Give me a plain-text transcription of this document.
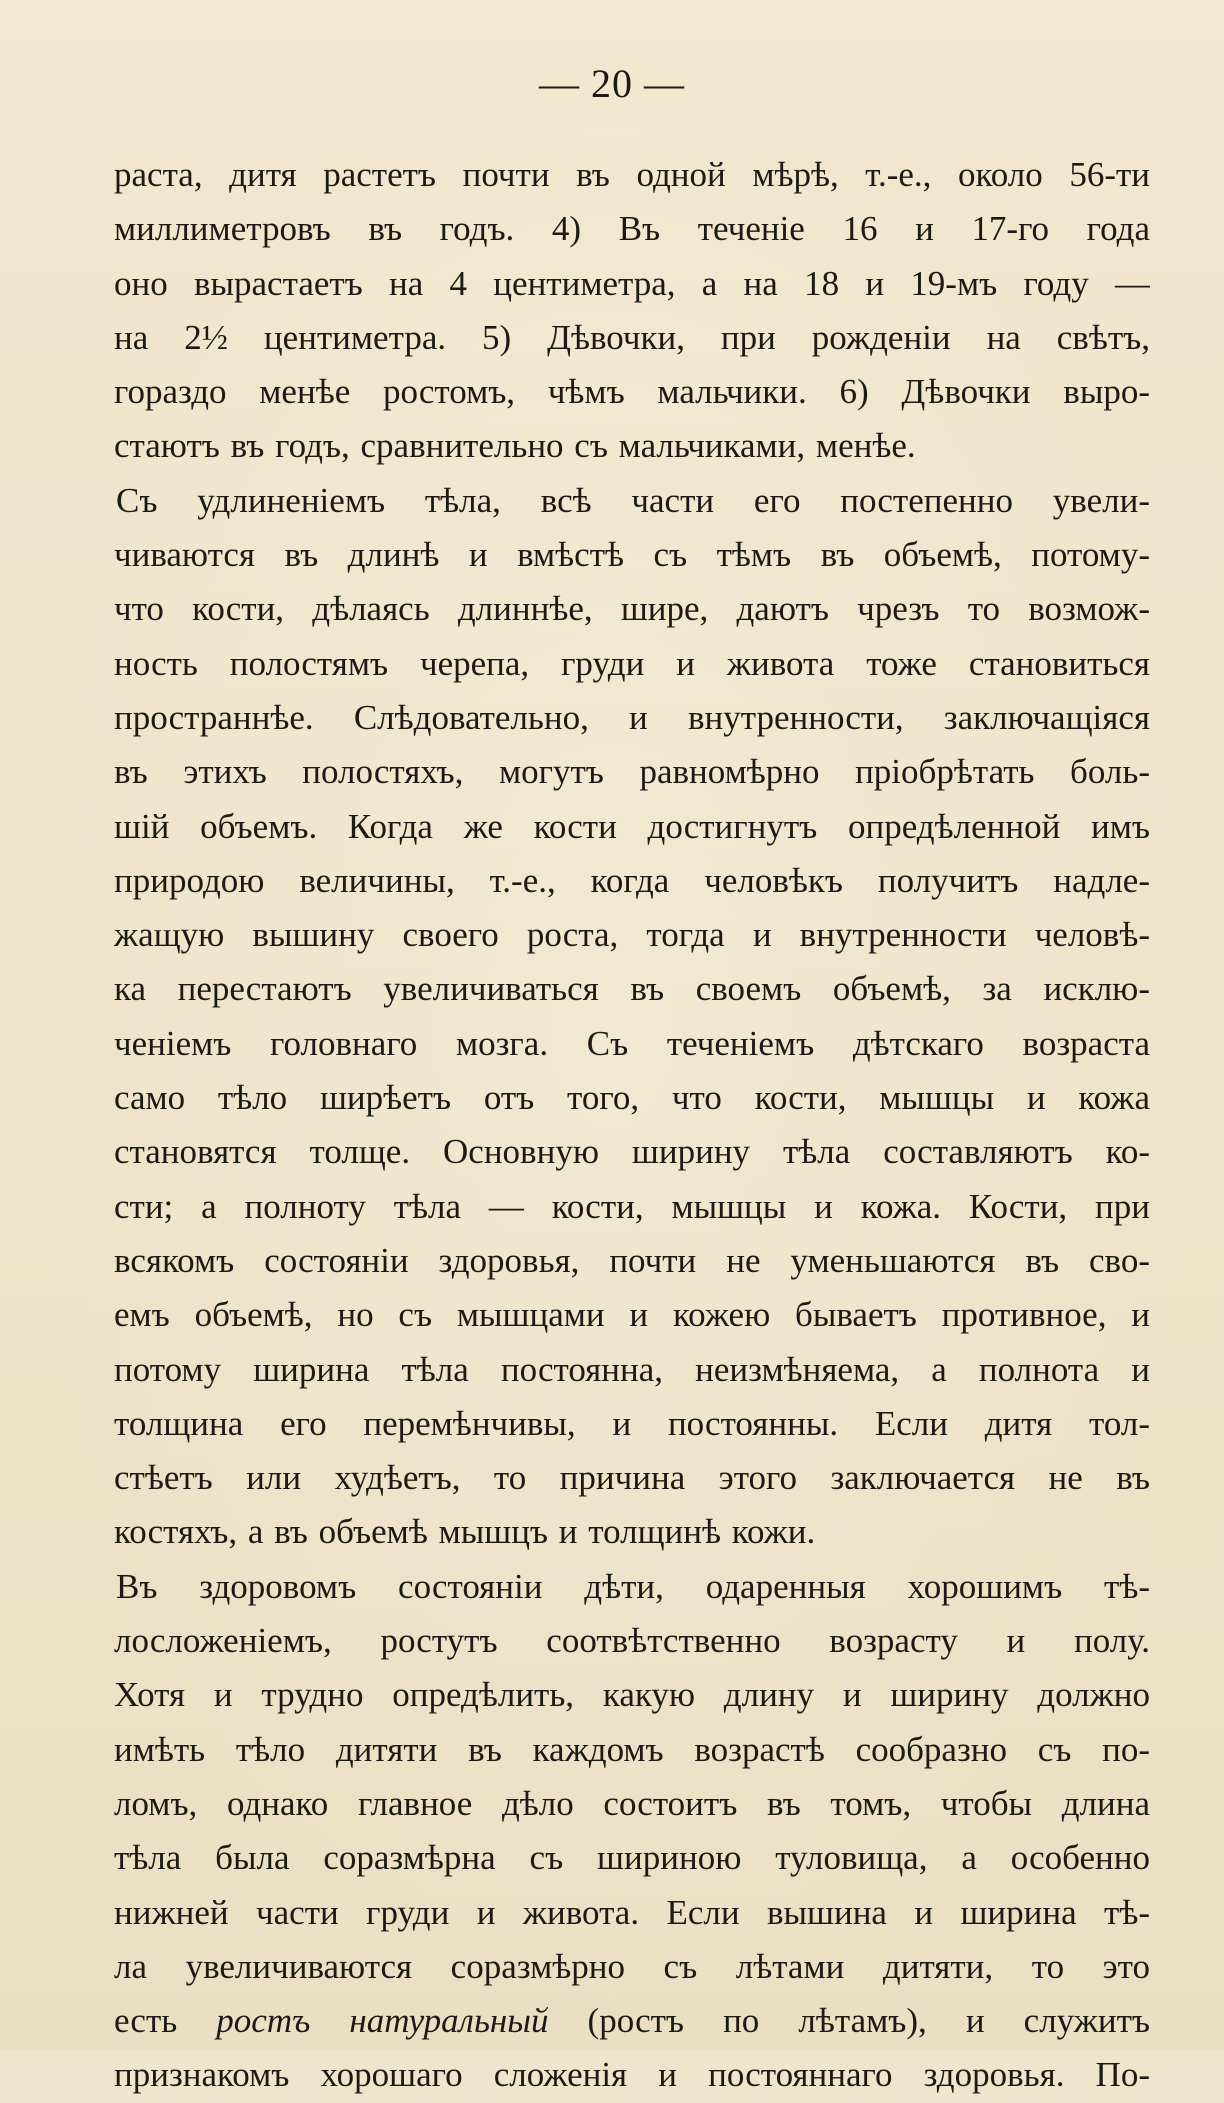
— 20 —
раста, дитя растетъ почти въ одной мѣрѣ, т.-е., около 56-ти
миллиметровъ въ годъ. 4) Въ теченіе 16 и 17-го года
оно вырастаетъ на 4 центиметра, а на 18 и 19-мъ году —
на 2½ центиметра. 5) Дѣвочки, при рожденіи на свѣтъ,
гораздо менѣе ростомъ, чѣмъ мальчики. 6) Дѣвочки выро-
стаютъ въ годъ, сравнительно съ мальчиками, менѣе.
Съ удлиненіемъ тѣла, всѣ части его постепенно увели-
чиваются въ длинѣ и вмѣстѣ съ тѣмъ въ объемѣ, потому-
что кости, дѣлаясь длиннѣе, шире, даютъ чрезъ то возмож-
ность полостямъ черепа, груди и живота тоже становиться
пространнѣе. Слѣдовательно, и внутренности, заключащіяся
въ этихъ полостяхъ, могутъ равномѣрно пріобрѣтать боль-
шій объемъ. Когда же кости достигнутъ опредѣленной имъ
природою величины, т.-е., когда человѣкъ получитъ надле-
жащую вышину своего роста, тогда и внутренности человѣ-
ка перестаютъ увеличиваться въ своемъ объемѣ, за исклю-
ченіемъ головнаго мозга. Съ теченіемъ дѣтскаго возраста
само тѣло ширѣетъ отъ того, что кости, мышцы и кожа
становятся толще. Основную ширину тѣла составляютъ ко-
сти; а полноту тѣла — кости, мышцы и кожа. Кости, при
всякомъ состояніи здоровья, почти не уменьшаются въ сво-
емъ объемѣ, но съ мышцами и кожею бываетъ противное, и
потому ширина тѣла постоянна, неизмѣняема, а полнота и
толщина его перемѣнчивы, и постоянны. Если дитя тол-
стѣетъ или худѣетъ, то причина этого заключается не въ
костяхъ, а въ объемѣ мышцъ и толщинѣ кожи.
Въ здоровомъ состояніи дѣти, одаренныя хорошимъ тѣ-
лосложеніемъ, ростутъ соотвѣтственно возрасту и полу.
Хотя и трудно опредѣлить, какую длину и ширину должно
имѣть тѣло дитяти въ каждомъ возрастѣ сообразно съ по-
ломъ, однако главное дѣло состоитъ въ томъ, чтобы длина
тѣла была соразмѣрна съ шириною туловища, а особенно
нижней части груди и живота. Если вышина и ширина тѣ-
ла увеличиваются соразмѣрно съ лѣтами дитяти, то это
есть ростъ натуральный (ростъ по лѣтамъ), и служитъ
признакомъ хорошаго сложенія и постояннаго здоровья. По-
